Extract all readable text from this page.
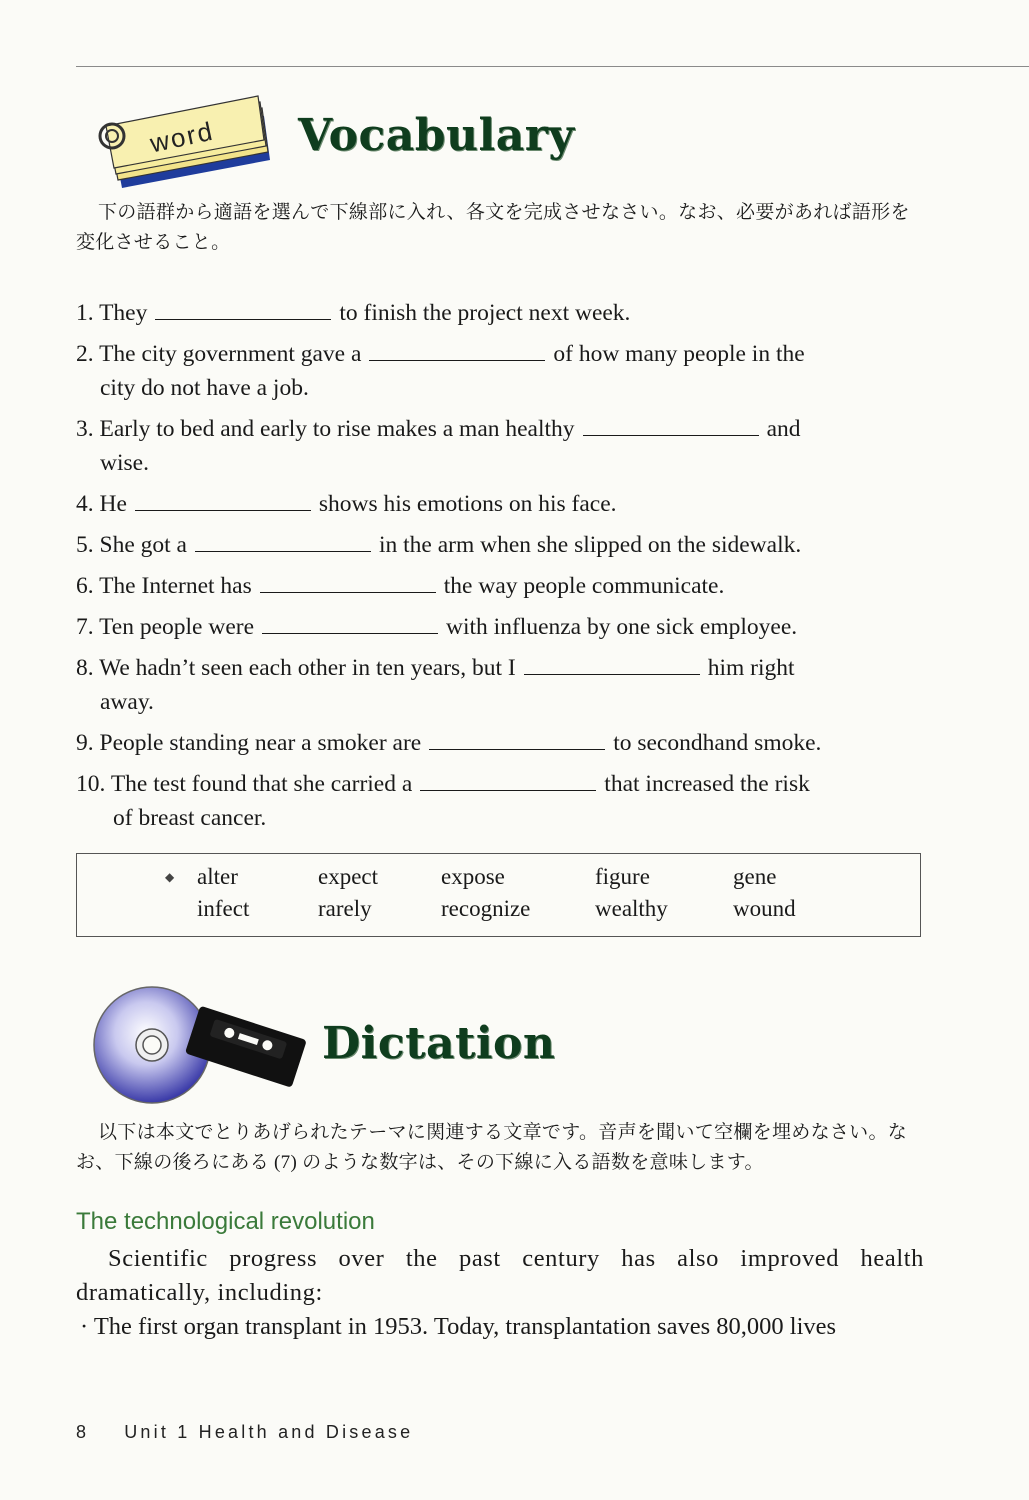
word Vocabulary
下の語群から適語を選んで下線部に入れ、各文を完成させなさい。なお、必要があれば語形を変化させること。
1. They	to finish the project next week.
2. The city government gave a	of how many people in the
city do not have a job.
3. Early to bed and early to rise makes a man healthy	and
wise.
4. He	shows his emotions on his face.
5. She got a	in the arm when she slipped on the sidewalk.
6. The Internet has	the way people communicate.
7. Ten people were	with influenza by one sick employee.
8. We hadn’t seen each other in ten years, but I	him right
away.
9. People standing near a smoker are	to secondhand smoke.
10. The test found that she carried a	that increased the risk
of breast cancer.
◆ alter	expect	expose	figure	gene
infect	rarely	recognize	wealthy	wound
Dictation
以下は本文でとりあげられたテーマに関連する文章です。音声を聞いて空欄を埋めなさい。なお、下線の後ろにある (7) のような数字は、その下線に入る語数を意味します。
The technological revolution
Scientific progress over the past century has also improved health dramatically, including:
· The first organ transplant in 1953. Today, transplantation saves 80,000 lives
8 Unit 1 Health and Disease
